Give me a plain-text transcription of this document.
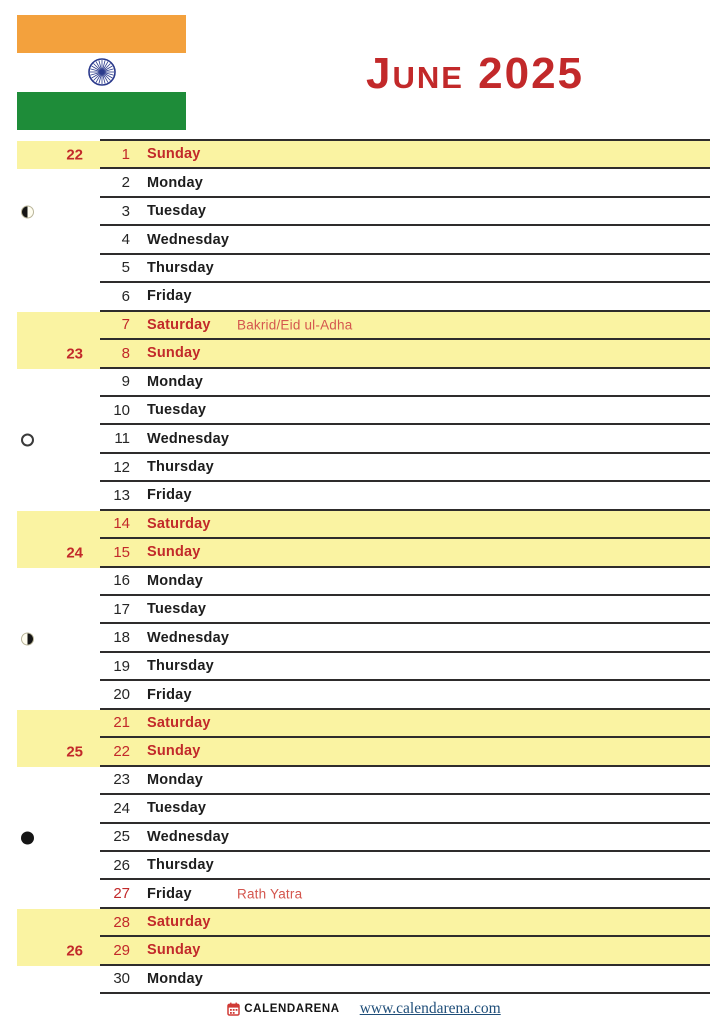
June 2025
22	1 Sunday
2 Monday
3 Tuesday
4 Wednesday
5 Thursday
6 Friday
7 Saturday Bakrid/Eid ul-Adha
23	8 Sunday
9 Monday
10 Tuesday
11 Wednesday
12 Thursday
13 Friday
14 Saturday
24	15 Sunday
16 Monday
17 Tuesday
18 Wednesday
19 Thursday
20 Friday
21 Saturday
25	22 Sunday
23 Monday
24 Tuesday
25 Wednesday
26 Thursday
27 Friday	Rath Yatra
28 Saturday
26	29 Sunday
30 Monday
CALENDARENA www.calendarena.com
